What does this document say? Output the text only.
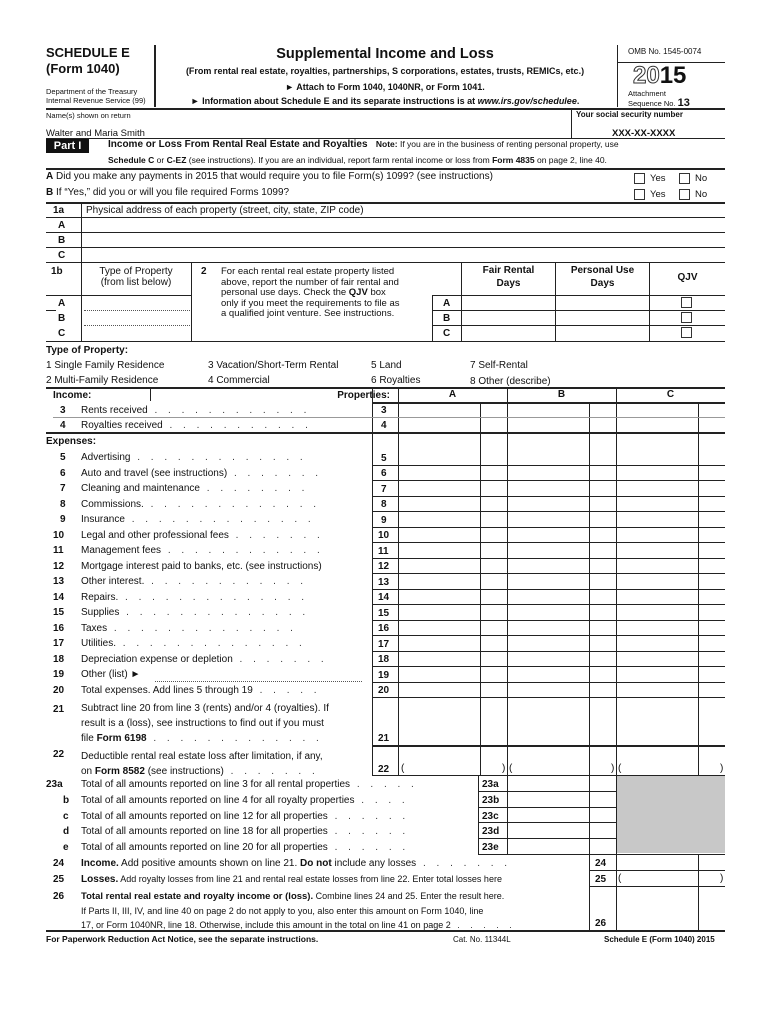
SCHEDULE E
(Form 1040)
Department of the Treasury
Internal Revenue Service (99)
Supplemental Income and Loss
(From rental real estate, royalties, partnerships, S corporations, estates, trusts, REMICs, etc.)
► Attach to Form 1040, 1040NR, or Form 1041.
► Information about Schedule E and its separate instructions is at www.irs.gov/schedulee.
OMB No. 1545-0074
2015
Attachment
Sequence No. 13
Name(s) shown on return
Walter and Maria Smith
Your social security number
XXX-XX-XXXX
Part I	Income or Loss From Rental Real Estate and Royalties Note: If you are in the business of renting personal property, use
Schedule C or C-EZ (see instructions). If you are an individual, report farm rental income or loss from Form 4835 on page 2, line 40.
A Did you make any payments in 2015 that would require you to file Form(s) 1099? (see instructions)	Yes	No
B If “Yes,” did you or will you file required Forms 1099?	Yes	No
1a Physical address of each property (street, city, state, ZIP code)
A
B
C
1b	Type of Property
(from list below)
2 For each rental real estate property listed
above, report the number of fair rental and
personal use days. Check the QJV box
only if you meet the requirements to file as
a qualified joint venture. See instructions.
Fair Rental
Days
Personal Use
Days
QJV
A	A
B	B
C	C
Type of Property:
1 Single Family Residence
2 Multi-Family Residence
3 Vacation/Short-Term Rental
4 Commercial
5 Land
6 Royalties
7 Self-Rental
8 Other (describe)
Income:	Properties:	A	B	C
3 Rents received . . . . . . . . . . . .	3
4 Royalties received . . . . . . . . . . .	4
Expenses:
5 Advertising . . . . . . . . . . . . .	5
6 Auto and travel (see instructions) . . . . . . .	6
7 Cleaning and maintenance . . . . . . . .	7
8 Commissions. . . . . . . . . . . . . .	8
9 Insurance . . . . . . . . . . . . . .	9
10 Legal and other professional fees . . . . . . .	10
11 Management fees . . . . . . . . . . . .	11
12 Mortgage interest paid to banks, etc. (see instructions)	12
13 Other interest. . . . . . . . . . . . .	13
14 Repairs. . . . . . . . . . . . . . .	14
15 Supplies . . . . . . . . . . . . . .	15
16 Taxes . . . . . . . . . . . . . .	16
17 Utilities. . . . . . . . . . . . . . .	17
18 Depreciation expense or depletion . . . . . . .	18
19 Other (list) ►	19
20 Total expenses. Add lines 5 through 19 . . . . .	20
21 Subtract line 20 from line 3 (rents) and/or 4 (royalties). If
result is a (loss), see instructions to find out if you must
file Form 6198 . . . . . . . . . . . . .	21
22 Deductible rental real estate loss after limitation, if any,
on Form 8582 (see instructions) . . . . . . .	22 (	) (	) (	)
23a Total of all amounts reported on line 3 for all rental properties . . . . .	23a
b Total of all amounts reported on line 4 for all royalty properties . . . .	23b
c Total of all amounts reported on line 12 for all properties . . . . . .	23c
d Total of all amounts reported on line 18 for all properties . . . . . .	23d
e Total of all amounts reported on line 20 for all properties . . . . . .	23e
24 Income. Add positive amounts shown on line 21. Do not include any losses . . . . . . .	24
25 Losses. Add royalty losses from line 21 and rental real estate losses from line 22. Enter total losses here	25 (	)
26 Total rental real estate and royalty income or (loss). Combine lines 24 and 25. Enter the result here.
If Parts II, III, IV, and line 40 on page 2 do not apply to you, also enter this amount on Form 1040, line
17, or Form 1040NR, line 18. Otherwise, include this amount in the total on line 41 on page 2 . . . . .	26
For Paperwork Reduction Act Notice, see the separate instructions.	Cat. No. 11344L	Schedule E (Form 1040) 2015
